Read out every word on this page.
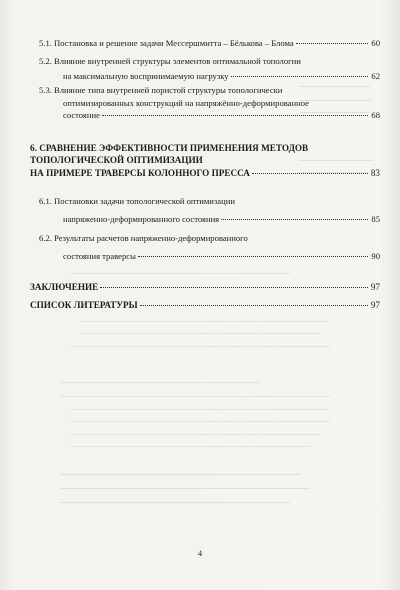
5.1. Постановка и решение задачи Мессершмитта – Бёлькова – Блома	60
5.2. Влияние внутренней структуры элементов оптимальной топологии
на максимальную воспринимаемую нагрузку	62
5.3. Влияние типа внутренней пористой структуры топологически
оптимизированных конструкций на напряжённо-деформированное
состояние	68
6. СРАВНЕНИЕ ЭФФЕКТИВНОСТИ ПРИМЕНЕНИЯ МЕТОДОВ
ТОПОЛОГИЧЕСКОЙ ОПТИМИЗАЦИИ
НА ПРИМЕРЕ ТРАВЕРСЫ КОЛОННОГО ПРЕССА	83
6.1. Постановки задачи топологической оптимизации
напряженно-деформированного состояния	85
6.2. Результаты расчетов напряженно-деформированного
состояния траверсы	90
ЗАКЛЮЧЕНИЕ	97
СПИСОК ЛИТЕРАТУРЫ	97
4
